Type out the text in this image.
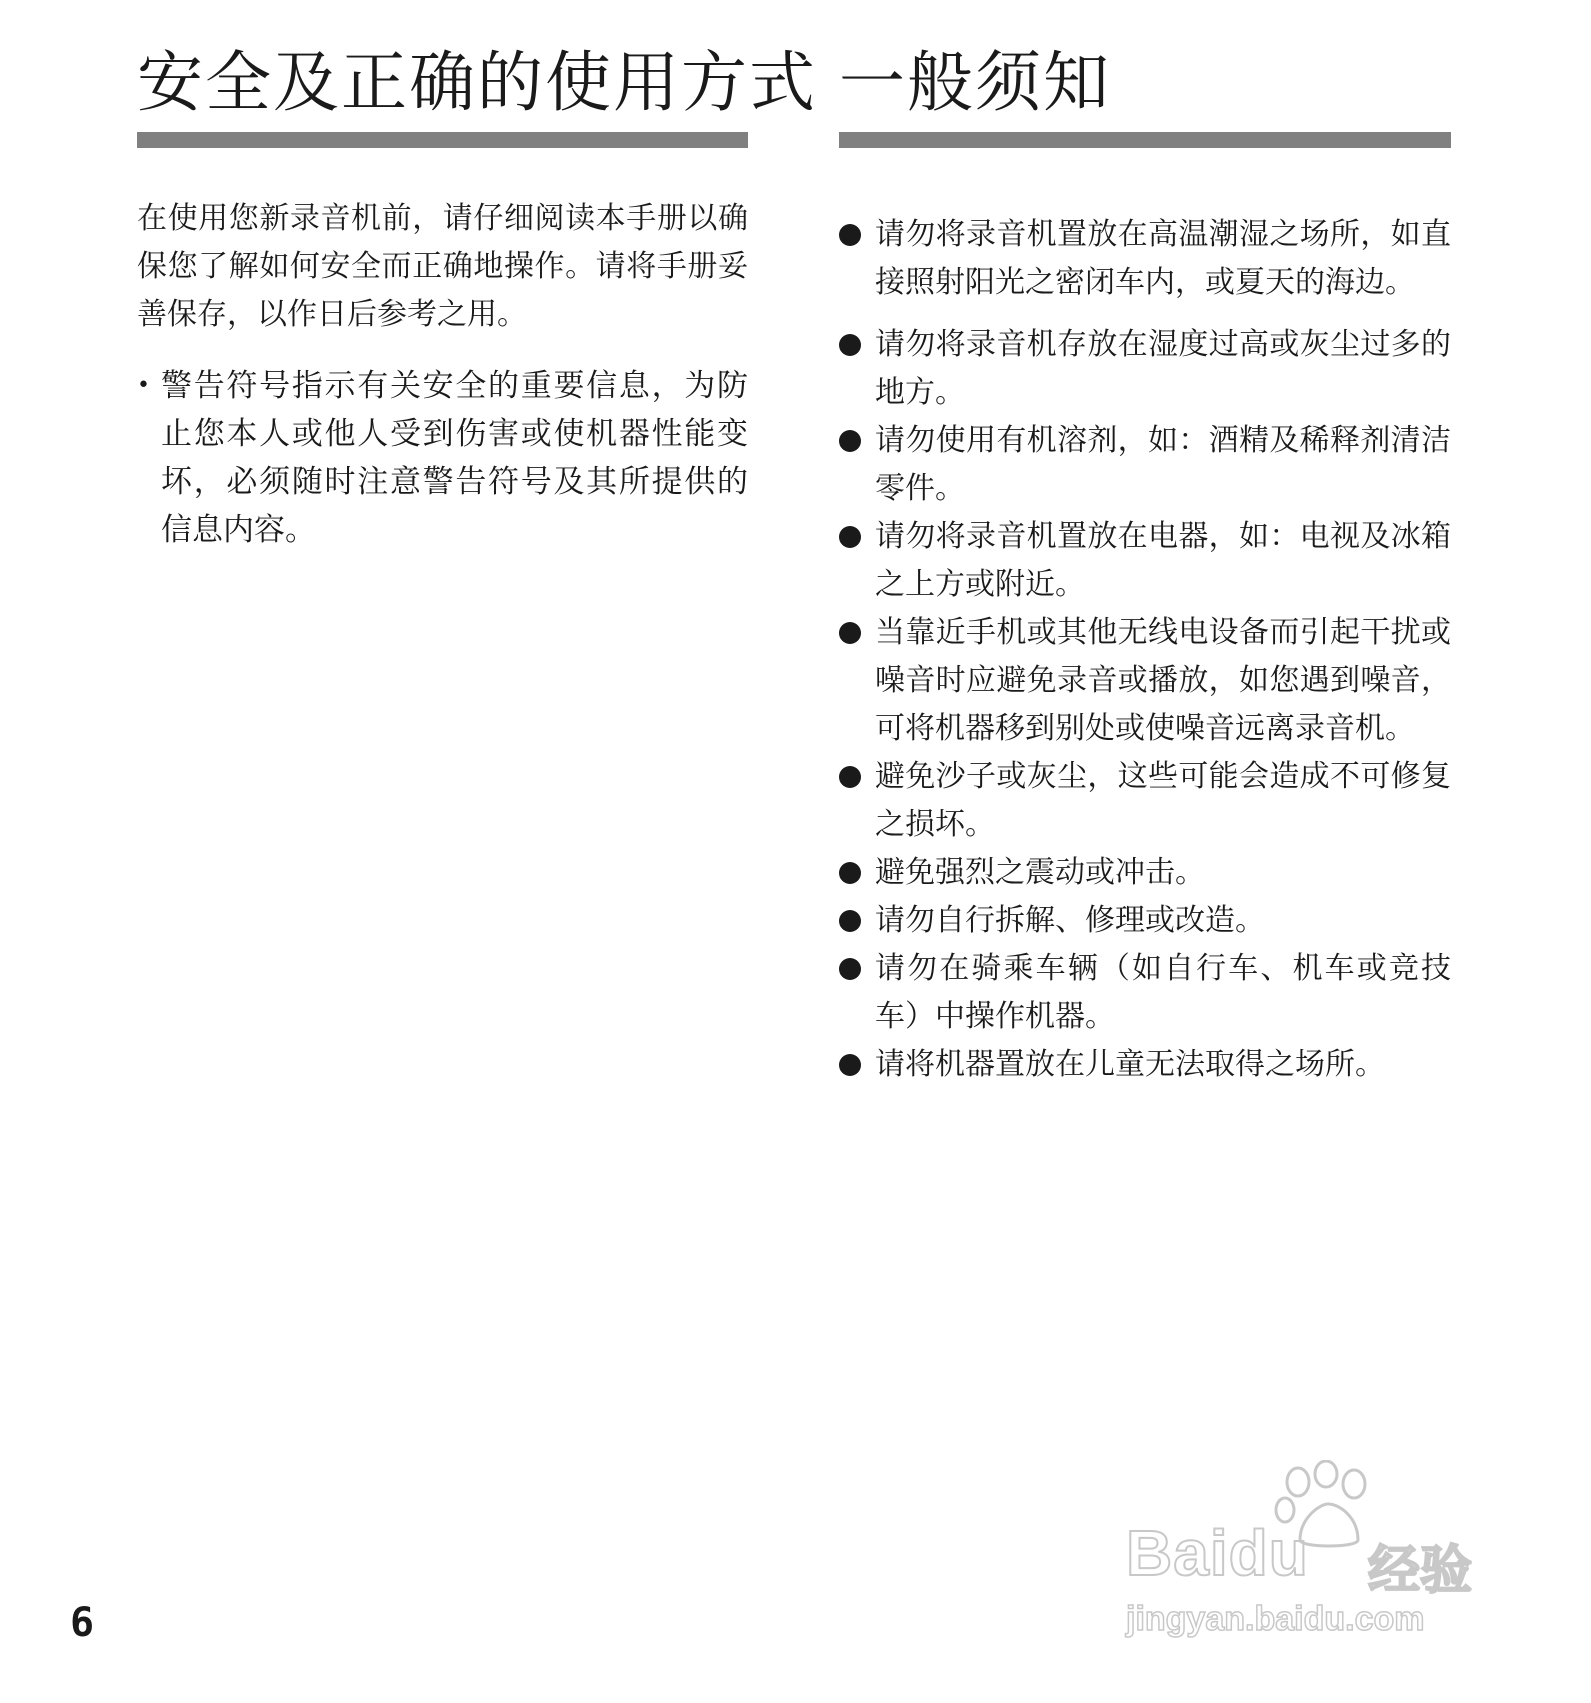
安全及正确的使用方式

在使用您新录音机前，请仔细阅读本手册以确保您了解如何安全而正确地操作。请将手册妥善保存，以作日后参考之用。

• 警告符号指示有关安全的重要信息，为防止您本人或他人受到伤害或使机器性能变坏，必须随时注意警告符号及其所提供的信息内容。
一般须知
请勿将录音机置放在高温潮湿之场所，如直接照射阳光之密闭车内，或夏天的海边。
请勿将录音机存放在湿度过高或灰尘过多的地方。
请勿使用有机溶剂，如：酒精及稀释剂清洁零件。
请勿将录音机置放在电器，如：电视及冰箱之上方或附近。
当靠近手机或其他无线电设备而引起干扰或噪音时应避免录音或播放，如您遇到噪音，可将机器移到别处或使噪音远离录音机。
避免沙子或灰尘，这些可能会造成不可修复之损坏。
避免强烈之震动或冲击。
请勿自行拆解、修理或改造。
请勿在骑乘车辆（如自行车、机车或竞技车）中操作机器。
请将机器置放在儿童无法取得之场所。
6
Baidu 经验
jingyan.baidu.com
